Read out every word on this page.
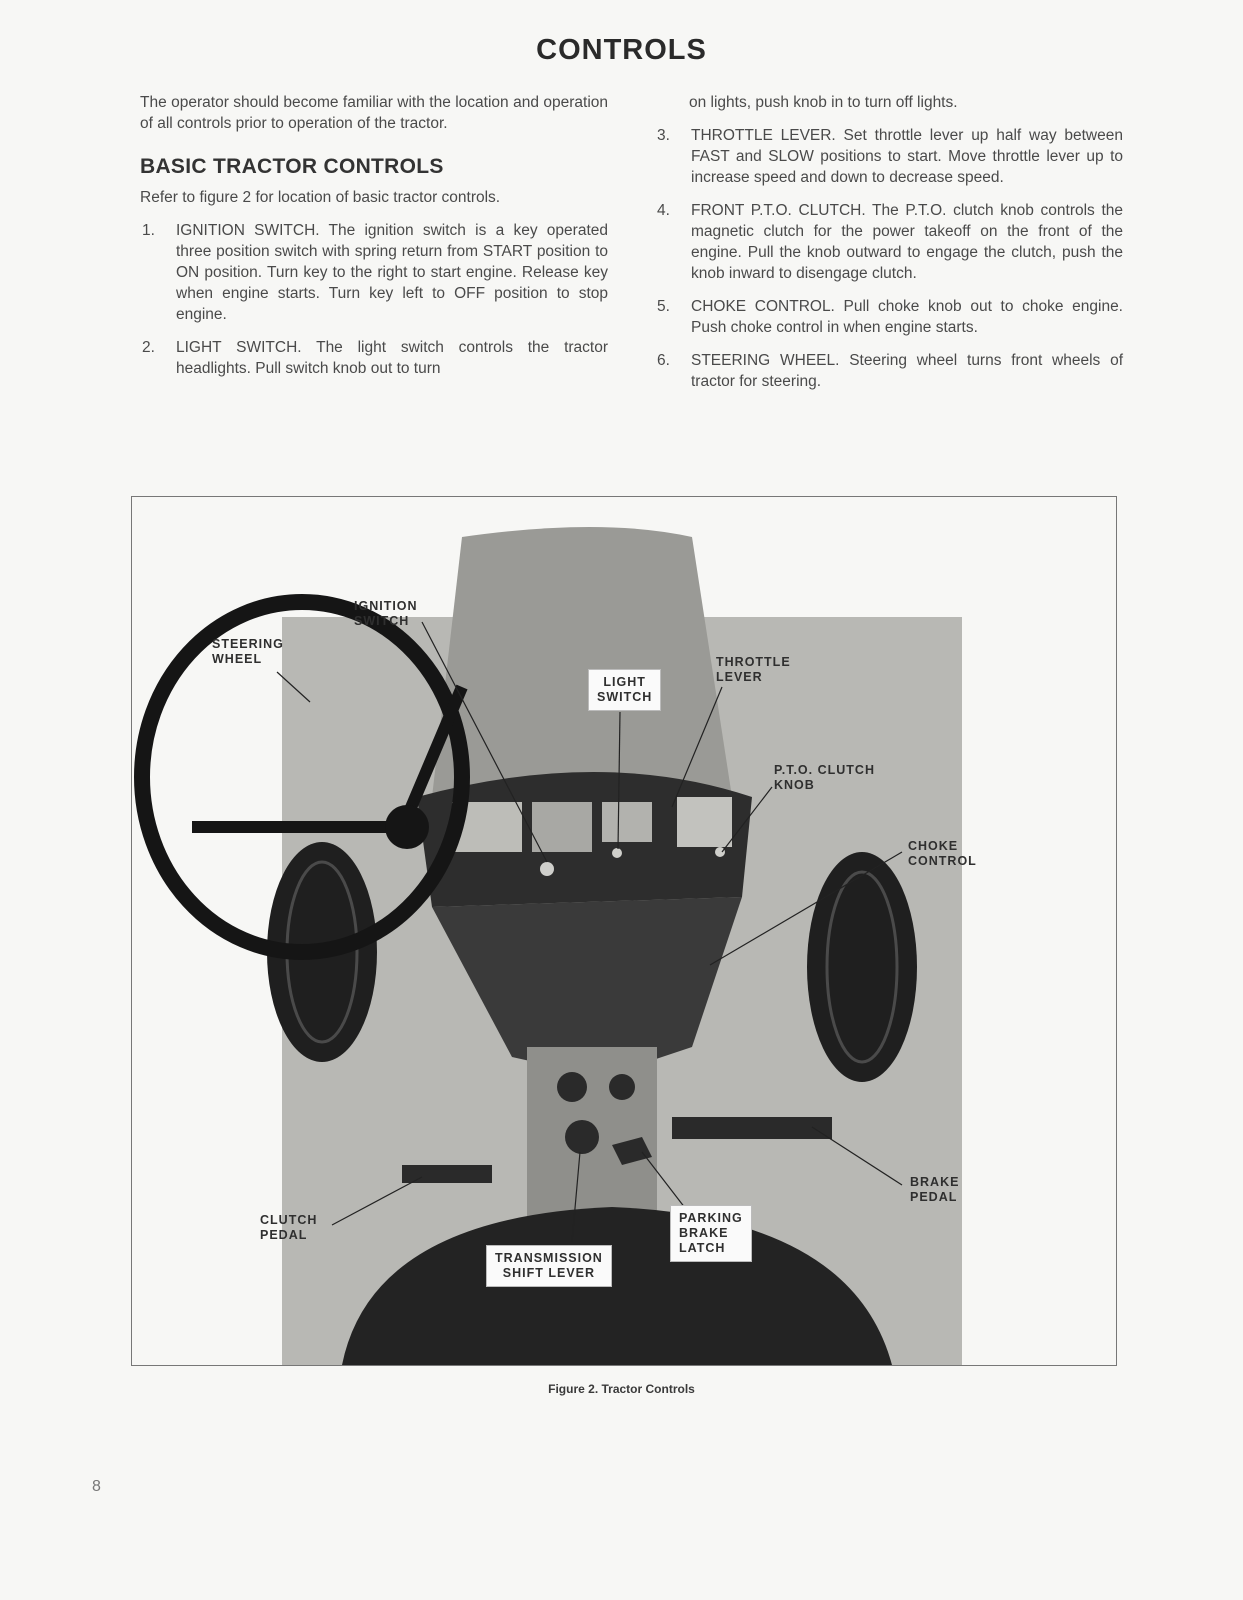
CONTROLS

The operator should become familiar with the location and operation of all controls prior to operation of the tractor.

BASIC TRACTOR CONTROLS

Refer to figure 2 for location of basic tractor controls.

1.	IGNITION SWITCH. The ignition switch is a key operated three position switch with spring return from START position to ON position. Turn key to the right to start engine. Release key when engine starts. Turn key left to OFF position to stop engine.
2.	LIGHT SWITCH. The light switch controls the tractor headlights. Pull switch knob out to turn

on lights, push knob in to turn off lights.

3.	THROTTLE LEVER. Set throttle lever up half way between FAST and SLOW positions to start. Move throttle lever up to increase speed and down to decrease speed.
4.	FRONT P.T.O. CLUTCH. The P.T.O. clutch knob controls the magnetic clutch for the power takeoff on the front of the engine. Pull the knob outward to engage the clutch, push the knob inward to disengage clutch.
5.	CHOKE CONTROL. Pull choke knob out to choke engine. Push choke control in when engine starts.
6.	STEERING WHEEL. Steering wheel turns front wheels of tractor for steering.
IGNITION
SWITCH
STEERING
WHEEL
LIGHT
SWITCH
THROTTLE
LEVER
P.T.O. CLUTCH
KNOB
CHOKE
CONTROL
BRAKE
PEDAL
CLUTCH
PEDAL
PARKING
BRAKE
LATCH
TRANSMISSION
SHIFT LEVER
Figure 2. Tractor Controls
8
